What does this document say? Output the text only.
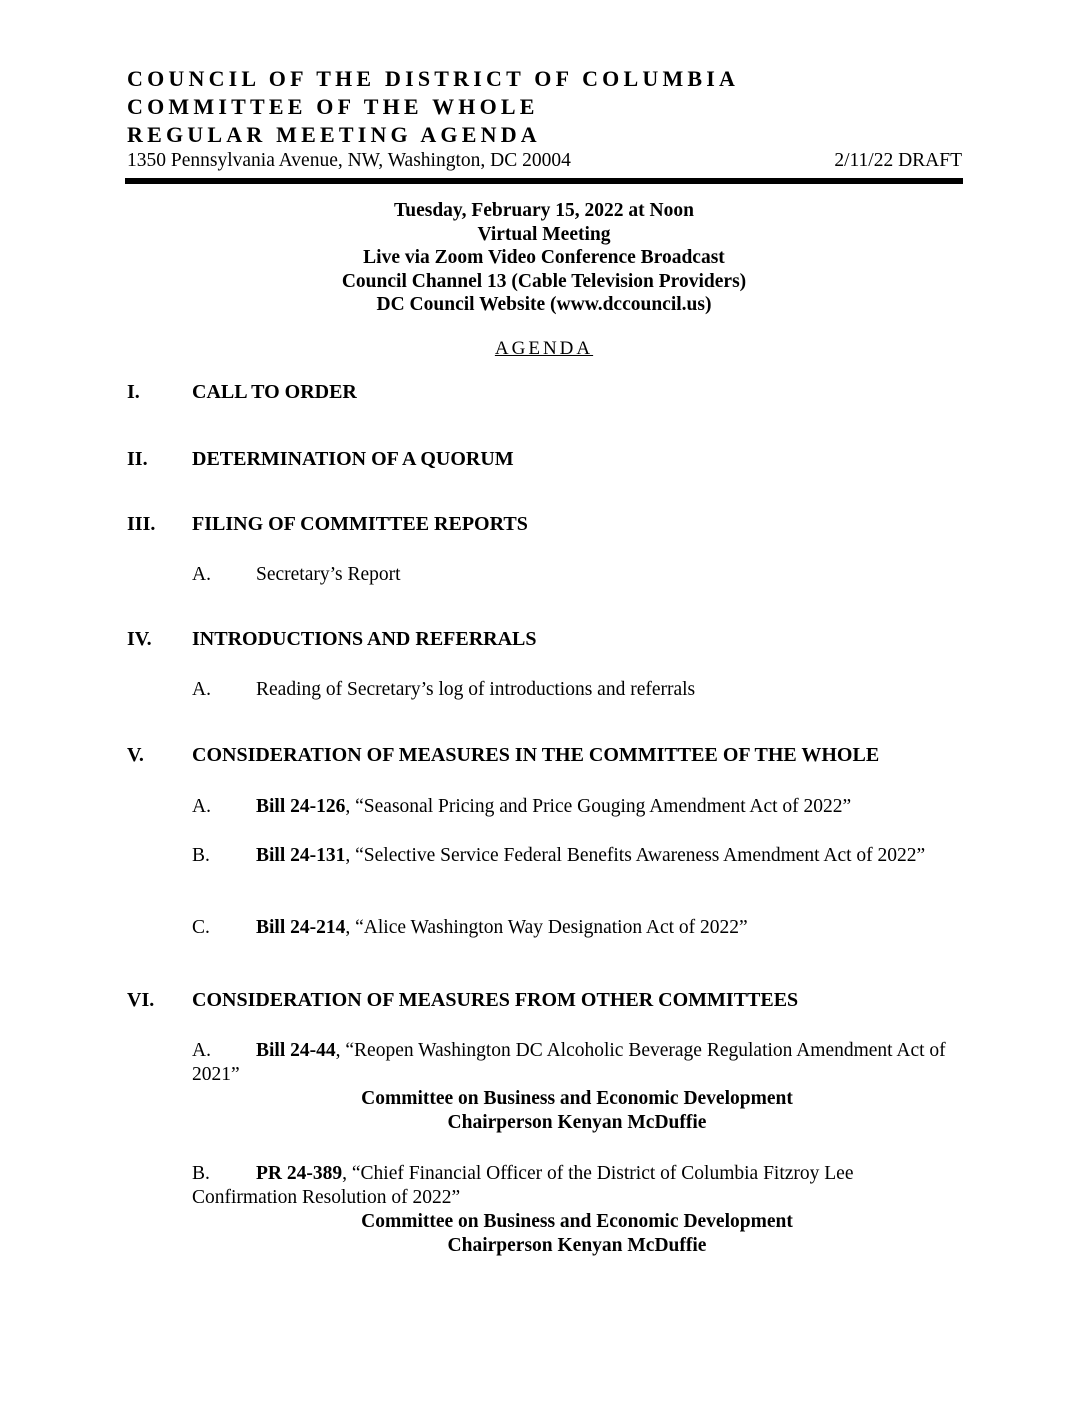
COUNCIL OF THE DISTRICT OF COLUMBIA
COMMITTEE OF THE WHOLE
REGULAR MEETING AGENDA
1350 Pennsylvania Avenue, NW, Washington, DC 20004	2/11/22 DRAFT
Tuesday, February 15, 2022 at Noon
Virtual Meeting
Live via Zoom Video Conference Broadcast
Council Channel 13 (Cable Television Providers)
DC Council Website (www.dccouncil.us)
AGENDA
I.	CALL TO ORDER
II. DETERMINATION OF A QUORUM
III. FILING OF COMMITTEE REPORTS
A. Secretary’s Report
IV. INTRODUCTIONS AND REFERRALS
A. Reading of Secretary’s log of introductions and referrals
V. CONSIDERATION OF MEASURES IN THE COMMITTEE OF THE WHOLE
A. Bill 24-126, “Seasonal Pricing and Price Gouging Amendment Act of 2022”
B. Bill 24-131, “Selective Service Federal Benefits Awareness Amendment Act of 2022”
C. Bill 24-214, “Alice Washington Way Designation Act of 2022”
VI. CONSIDERATION OF MEASURES FROM OTHER COMMITTEES
A. Bill 24-44, “Reopen Washington DC Alcoholic Beverage Regulation Amendment Act of 2021”
Committee on Business and Economic Development
Chairperson Kenyan McDuffie
B. PR 24-389, “Chief Financial Officer of the District of Columbia Fitzroy Lee Confirmation Resolution of 2022”
Committee on Business and Economic Development
Chairperson Kenyan McDuffie
